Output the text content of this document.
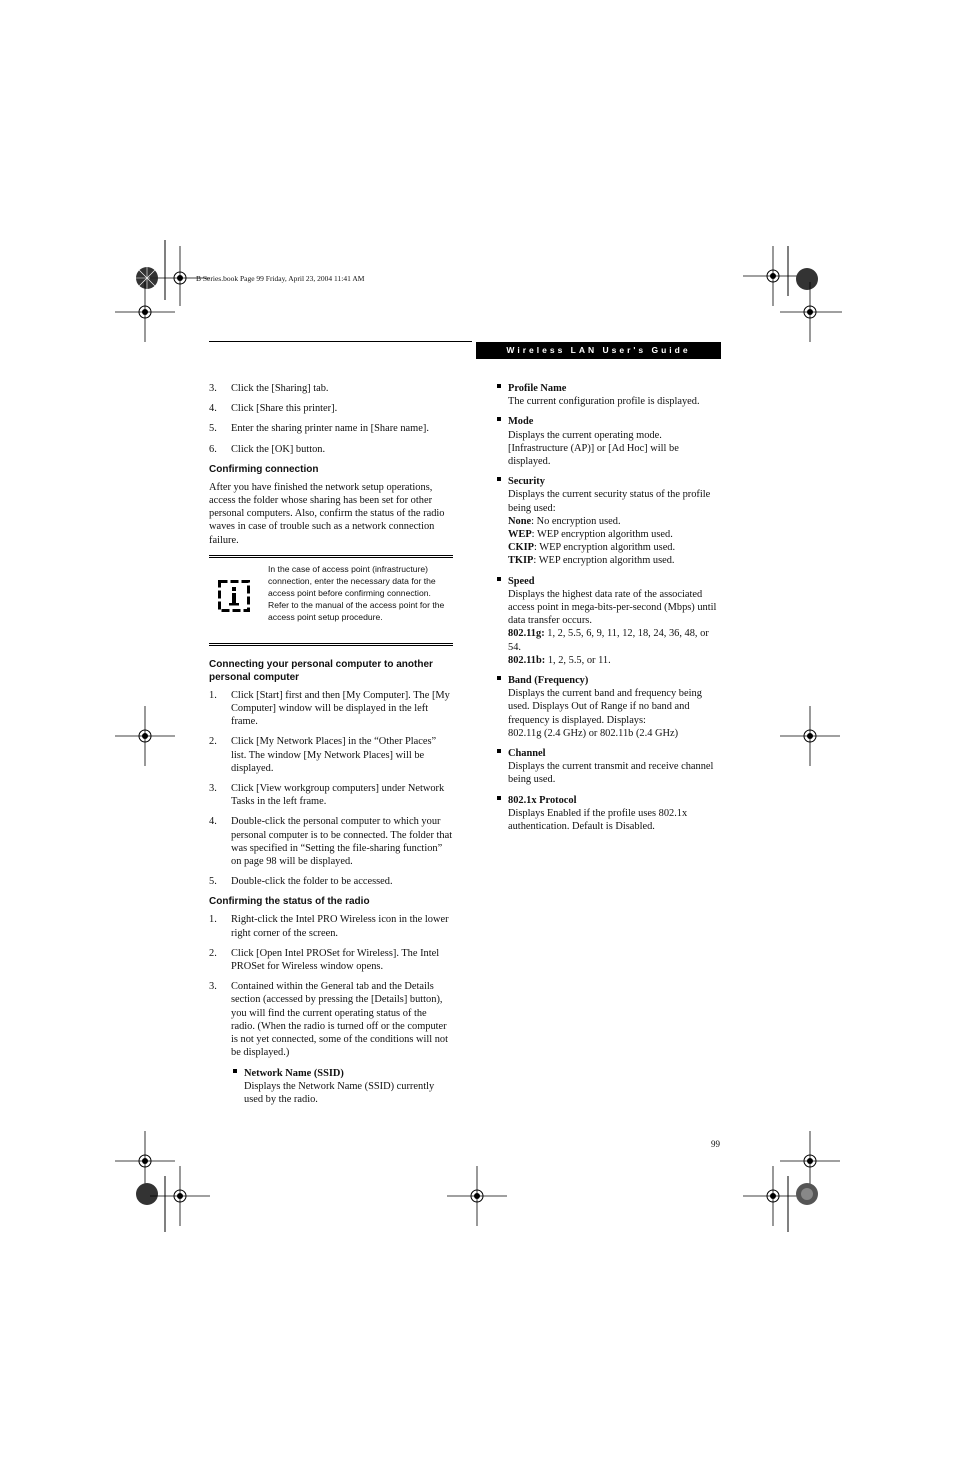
B Series.book Page 99 Friday, April 23, 2004 11:41 AM
Wireless LAN User's Guide
3. Click the [Sharing] tab.
4. Click [Share this printer].
5. Enter the sharing printer name in [Share name].
6. Click the [OK] button.
Confirming connection
After you have finished the network setup operations, access the folder whose sharing has been set for other personal computers. Also, confirm the status of the radio waves in case of trouble such as a network connection failure.
In the case of access point (infrastructure) connection, enter the necessary data for the access point before confirming connection. Refer to the manual of the access point for the access point setup procedure.
Connecting your personal computer to another personal computer
1. Click [Start] first and then [My Computer]. The [My Computer] window will be displayed in the left frame.
2. Click [My Network Places] in the “Other Places” list. The window [My Network Places] will be displayed.
3. Click [View workgroup computers] under Network Tasks in the left frame.
4. Double-click the personal computer to which your personal computer is to be connected. The folder that was specified in “Setting the file-sharing function” on page 98 will be displayed.
5. Double-click the folder to be accessed.
Confirming the status of the radio
1. Right-click the Intel PRO Wireless icon in the lower right corner of the screen.
2. Click [Open Intel PROSet for Wireless]. The Intel PROSet for Wireless window opens.
3. Contained within the General tab and the Details section (accessed by pressing the [Details] button), you will find the current operating status of the radio. (When the radio is turned off or the computer is not yet connected, some of the conditions will not be displayed.)
Network Name (SSID)
Displays the Network Name (SSID) currently used by the radio.
Profile Name
The current configuration profile is displayed.
Mode
Displays the current operating mode. [Infrastructure (AP)] or [Ad Hoc] will be displayed.
Security
Displays the current security status of the profile being used:
None: No encryption used.
WEP: WEP encryption algorithm used.
CKIP: WEP encryption algorithm used.
TKIP: WEP encryption algorithm used.
Speed
Displays the highest data rate of the associated access point in mega-bits-per-second (Mbps) until data transfer occurs.
802.11g: 1, 2, 5.5, 6, 9, 11, 12, 18, 24, 36, 48, or 54.
802.11b: 1, 2, 5.5, or 11.
Band (Frequency)
Displays the current band and frequency being used. Displays Out of Range if no band and frequency is displayed. Displays:
802.11g (2.4 GHz) or 802.11b (2.4 GHz)
Channel
Displays the current transmit and receive channel being used.
802.1x Protocol
Displays Enabled if the profile uses 802.1x authentication. Default is Disabled.
99
